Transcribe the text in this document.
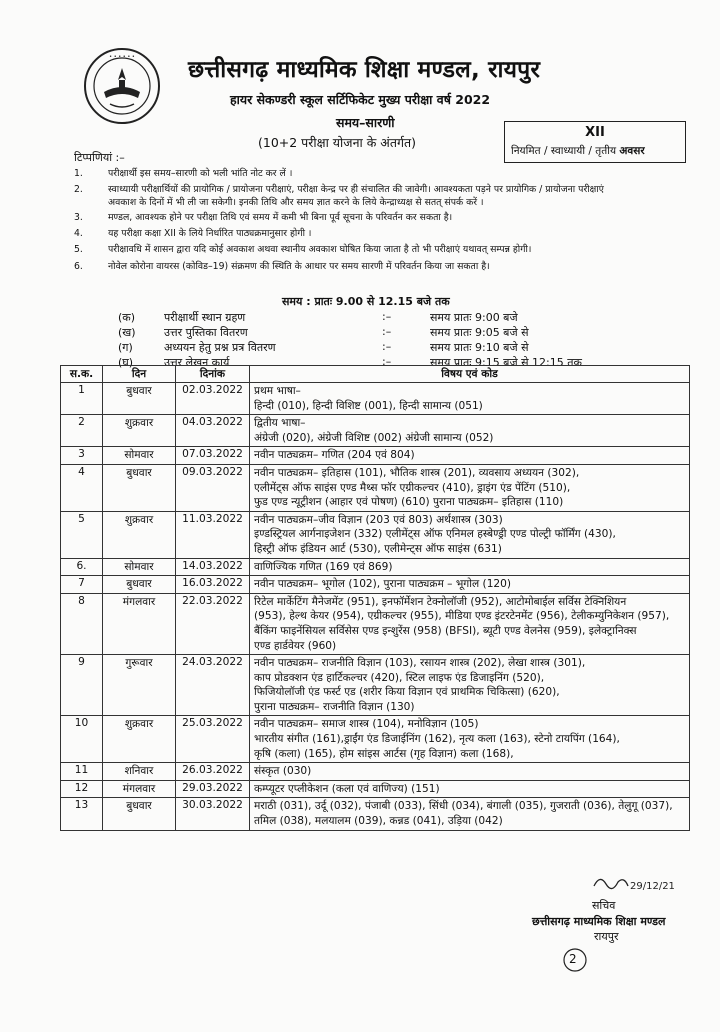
• • • • • • छत्तीसगढ़ माध्यमिक शिक्षा मण्डल, रायपुर
हायर सेकण्डरी स्कूल सर्टिफिकेट मुख्य परीक्षा वर्ष 2022
समय–सारणी
(10+2 परीक्षा योजना के अंतर्गत)
XII
नियमित / स्वाध्यायी / तृतीय अवसर
टिप्पणियां :–
1.	परीक्षार्थी इस समय–सारणी को भली भांति नोट कर लें ।
2.	स्वाध्यायी परीक्षार्थियों की प्रायोगिक / प्रायोजना परीक्षाएं, परीक्षा केन्द्र पर ही संचालित की जावेगी। आवश्यकता पड़ने पर प्रायोगिक / प्रायोजना परीक्षाएं
अवकाश के दिनों में भी ली जा सकेगी। इनकी तिथि और समय ज्ञात करने के लिये केन्द्राध्यक्ष से सतत् संपर्क करें ।
3.	मण्डल, आवश्यक होने पर परीक्षा तिथि एवं समय में कमी भी बिना पूर्व सूचना के परिवर्तन कर सकता है।
4.	यह परीक्षा कक्षा XII के लिये निर्धारित पाठ्यक्रमानुसार होगी ।
5.	परीक्षावधि में शासन द्वारा यदि कोई अवकाश अथवा स्थानीय अवकाश घोषित किया जाता है तो भी परीक्षाएं यथावत् सम्पन्न होगी।
6.	नोवेल कोरोना वायरस (कोविड–19) संक्रमण की स्थिति के आधार पर समय सारणी में परिवर्तन किया जा सकता है।
समय : प्रातः 9.00 से 12.15 बजे तक
(क)	परीक्षार्थी स्थान ग्रहण	:–	समय प्रातः 9:00 बजे
(ख)	उत्तर पुस्तिका वितरण	:–	समय प्रातः 9:05 बजे से
(ग)	अध्ययन हेतु प्रश्न प्रत्र वितरण	:–	समय प्रातः 9:10 बजे से
(घ)	उत्तर लेखन कार्य	:–	समय प्रातः 9:15 बजे से 12:15 तक
स.क.	दिन	दिनांक	विषय एवं कोड
1	बुधवार	02.03.2022	प्रथम भाषा–
हिन्दी (010), हिन्दी विशिष्ट (001), हिन्दी सामान्य (051)

2	शुक्रवार	04.03.2022	द्वितीय भाषा–
अंग्रेजी (020), अंग्रेजी विशिष्ट (002) अंग्रेजी सामान्य (052)

3	सोमवार	07.03.2022	नवीन पाठ्यक्रम– गणित (204 एवं 804)

4	बुधवार	09.03.2022	नवीन पाठ्यक्रम– इतिहास (101), भौतिक शास्त्र (201), व्यवसाय अध्ययन (302),
एलीमेंट्स ऑफ साइंस एण्ड मैथ्स फॉर एग्रीकल्चर (410), ड्राइंग एंड पेंटिंग (510),
फुड एण्ड न्यूट्रीशन (आहार एवं पोषण) (610) पुराना पाठ्यक्रम– इतिहास (110)

5	शुक्रवार	11.03.2022	नवीन पाठ्यक्रम–जीव विज्ञान (203 एवं 803) अर्थशास्त्र (303)
इण्डस्ट्रियल आर्गनाइजेशन (332) एलीमेंट्स ऑफ एनिमल हस्बेण्ड्री एण्ड पोल्ट्री फॉर्मिंग (430),
हिस्ट्री ऑफ इंडियन आर्ट (530), एलीमेन्ट्स ऑफ साइंस (631)

6.	सोमवार	14.03.2022	वाणिज्यिक गणित (169 एवं 869)

7	बुधवार	16.03.2022	नवीन पाठ्यक्रम– भूगोल (102), पुराना पाठ्यक्रम – भूगोल (120)

8	मंगलवार	22.03.2022	रिटेल मार्केटिंग मैनेजमेंट (951), इनफॉर्मेशन टेक्नोलॉजी (952), आटोमोबाईल सर्विस टेक्निशियन
(953), हेल्थ केयर (954), एग्रीकल्चर (955), मीडिया एण्ड इंटरटेनमेंट (956), टेलीकम्युनिकेशन (957),
बैंकिंग फाइनेंसियल सर्विसेस एण्ड इन्शुरेंस (958) (BFSI), ब्यूटी एण्ड वेलनेस (959), इलेक्ट्रानिक्स
एण्ड हार्डवेयर (960)

9	गुरूवार	24.03.2022	नवीन पाठ्यक्रम– राजनीति विज्ञान (103), रसायन शास्त्र (202), लेखा शास्त्र (301),
काप प्रोडक्शन एंड हार्टिकल्चर (420), स्टिल लाइफ एंड डिजाइनिंग (520),
फिजियोलॉजी एंड फर्स्ट एड (शरीर किया विज्ञान एवं प्राथमिक चिकित्सा) (620),
पुराना पाठ्यक्रम– राजनीति विज्ञान (130)

10	शुक्रवार	25.03.2022	नवीन पाठ्यक्रम– समाज शास्त्र (104), मनोविज्ञान (105)
भारतीय संगीत (161),ड्राईंग एंड डिजाईनिंग (162), नृत्य कला (163), स्टेनो टायपिंग (164),
कृषि (कला) (165), होम सांइस आर्टस (गृह विज्ञान) कला (168),

11	शनिवार	26.03.2022	संस्कृत (030)

12	मंगलवार	29.03.2022	कम्प्यूटर एप्लीकेशन (कला एवं वाणिज्य) (151)

13	बुधवार	30.03.2022	मराठी (031), उर्दू (032), पंजाबी (033), सिंधी (034), बंगाली (035), गुजराती (036), तेलुगू (037),
तमिल (038), मलयालम (039), कन्नड (041), उड़िया (042)
29/12/21
सचिव
छत्तीसगढ़ माध्यमिक शिक्षा मण्डल
रायपुर
2
